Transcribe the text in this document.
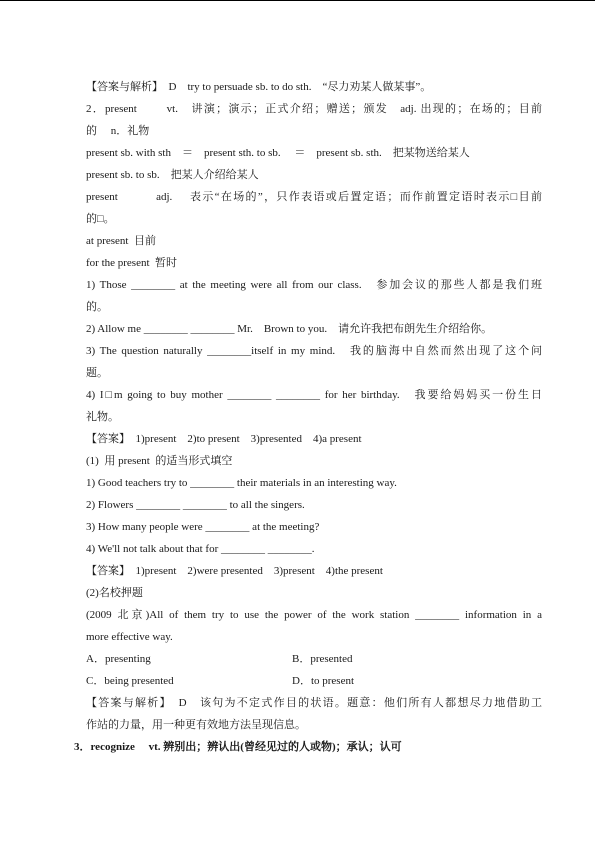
【答案与解析】　D　try to persuade sb. to do sth.　“尽力劝某人做某事”。
2．present　　 vt.　讲演；演示；正式介绍；赠送；颁发　adj. 出现的；在场的；目前
的　 n．礼物
present sb. with sth　＝　present sth. to sb.　 ＝　present sb. sth.　把某物送给某人
present sb. to sb.　把某人介绍给某人
present　　　adj.　 表示“在场的”，只作表语或后置定语；而作前置定语时表示□目前
的□。
at present  目前
for the present  暂时
1) Those ________ at the meeting were all from our class.　参加会议的那些人都是我们班
的。
2) Allow me ________ ________ Mr.　Brown to you.　请允许我把布朗先生介绍给你。
3) The question naturally ________itself in my mind.　我的脑海中自然而然出现了这个问
题。
4) I□m going to buy mother ________ ________ for her birthday.　我要给妈妈买一份生日
礼物。
【答案】　1)present　2)to present　3)presented　4)a present
(1)  用 present  的适当形式填空
1) Good teachers try to ________ their materials in an interesting way.
2) Flowers ________ ________ to all the singers.
3) How many people were ________ at the meeting?
4) We'll not talk about that for ________ ________.
【答案】　1)present　2)were presented　3)present　4)the present
(2)名校押题
(2009 北京)All of them try to use the power of the work station ________ information in a
more effective way.
A．presenting	B．presented
C．being presented	D．to present
【答案与解析】　D　该句为不定式作目的状语。题意：他们所有人都想尽力地借助工
作站的力量，用一种更有效地方法呈现信息。
3．recognize　 vt. 辨别出；辨认出(曾经见过的人或物)；承认；认可
